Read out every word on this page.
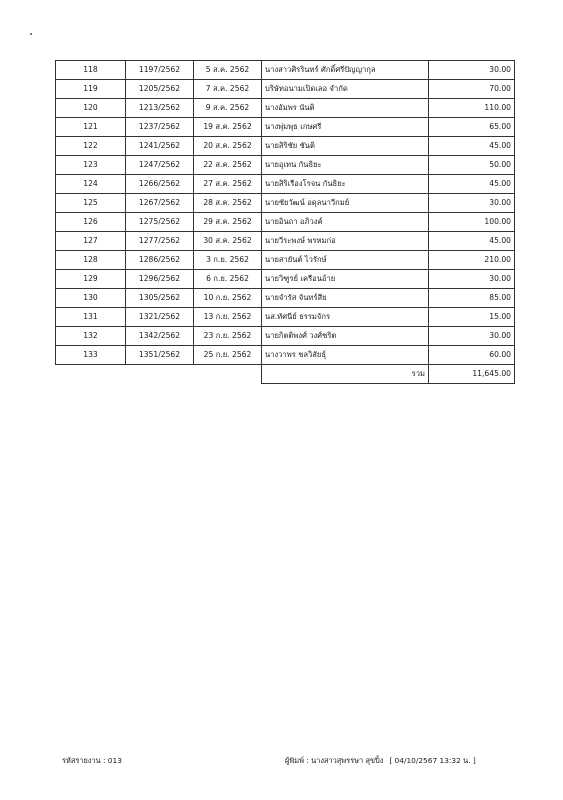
118	1197/2562	5 ส.ค. 2562	นางสาวศิรรินทร์ ศักดิ์ศรีปัญญากุล	30.00
119	1205/2562	7 ส.ค. 2562	บริษัทอนามเปิดเลอ จำกัด	70.00
120	1213/2562	9 ส.ค. 2562	นางอัมพร นันติ	110.00
121	1237/2562	19 ส.ค. 2562	นางพุ่มพุธ เกษศรี	65.00
122	1241/2562	20 ส.ค. 2562	นายสิริชัย ชันติ	45.00
123	1247/2562	22 ส.ค. 2562	นายอุเทน กันธิยะ	50.00
124	1266/2562	27 ส.ค. 2562	นายสิริเรืองโรจน กันธิยะ	45.00
125	1267/2562	28 ส.ค. 2562	นายชัยวัฒน์ อดุลนาวีกมย์	30.00
126	1275/2562	29 ส.ค. 2562	นายอินถา อภิวงค์	100.00
127	1277/2562	30 ส.ค. 2562	นายวีระพงษ์ พรหมก่อ	45.00
128	1286/2562	3 ก.ย. 2562	นายสายันต์ ไวรักษ์	210.00
129	1296/2562	6 ก.ย. 2562	นายวิฑูรย์ เครือนอ้าย	30.00
130	1305/2562	10 ก.ย. 2562	นายจำรัส จันทร์สีย	85.00
131	1321/2562	13 ก.ย. 2562	นส.ทัศนีย์ ธรรมจักร	15.00
132	1342/2562	23 ก.ย. 2562	นายกิตติพงศ์ วงศ์ชริต	30.00
133	1351/2562	25 ก.ย. 2562	นางวาพร ชลวิสัยธุ์	60.00
			รวม	11,645.00
รหัสรายงาน : 013	ผู้พิมพ์ : นางสาวสุพรรษา สุขปิ้ง [ 04/10/2567 13:32 น. ]
